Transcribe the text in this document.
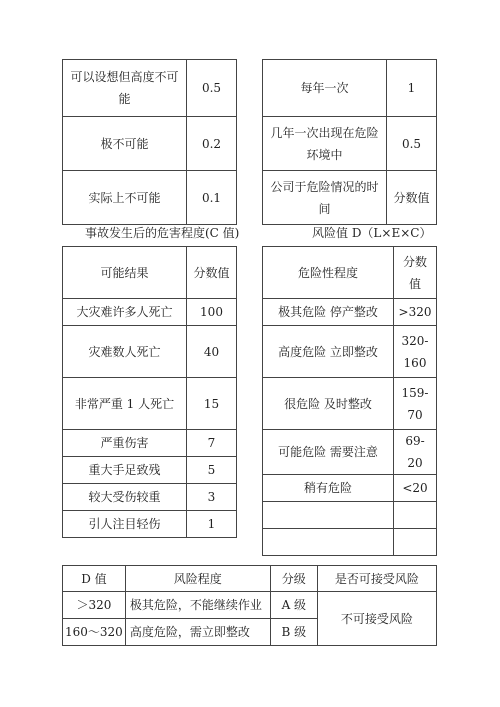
可以设想但高度不可能	0.5
极不可能	0.2
实际上不可能	0.1
每年一次	1
几年一次出现在危险环境中	0.5
公司于危险情况的时间	分数值
事故发生后的危害程度(C 值)	风险值 D（L×E×C）
可能结果	分数值
大灾难许多人死亡	100
灾难数人死亡	40
非常严重 1 人死亡	15
严重伤害	7
重大手足致残	5
较大受伤较重	3
引人注目轻伤	1
危险性程度	分数值
极其危险 停产整改	>320
高度危险 立即整改	320-160
很危险 及时整改	159-70
可能危险 需要注意	69-20
稍有危险	<20

D 值	风险程度	分级	是否可接受风险
＞320	极其危险，不能继续作业	A 级	不可接受风险
160～320	高度危险，需立即整改	B 级	
